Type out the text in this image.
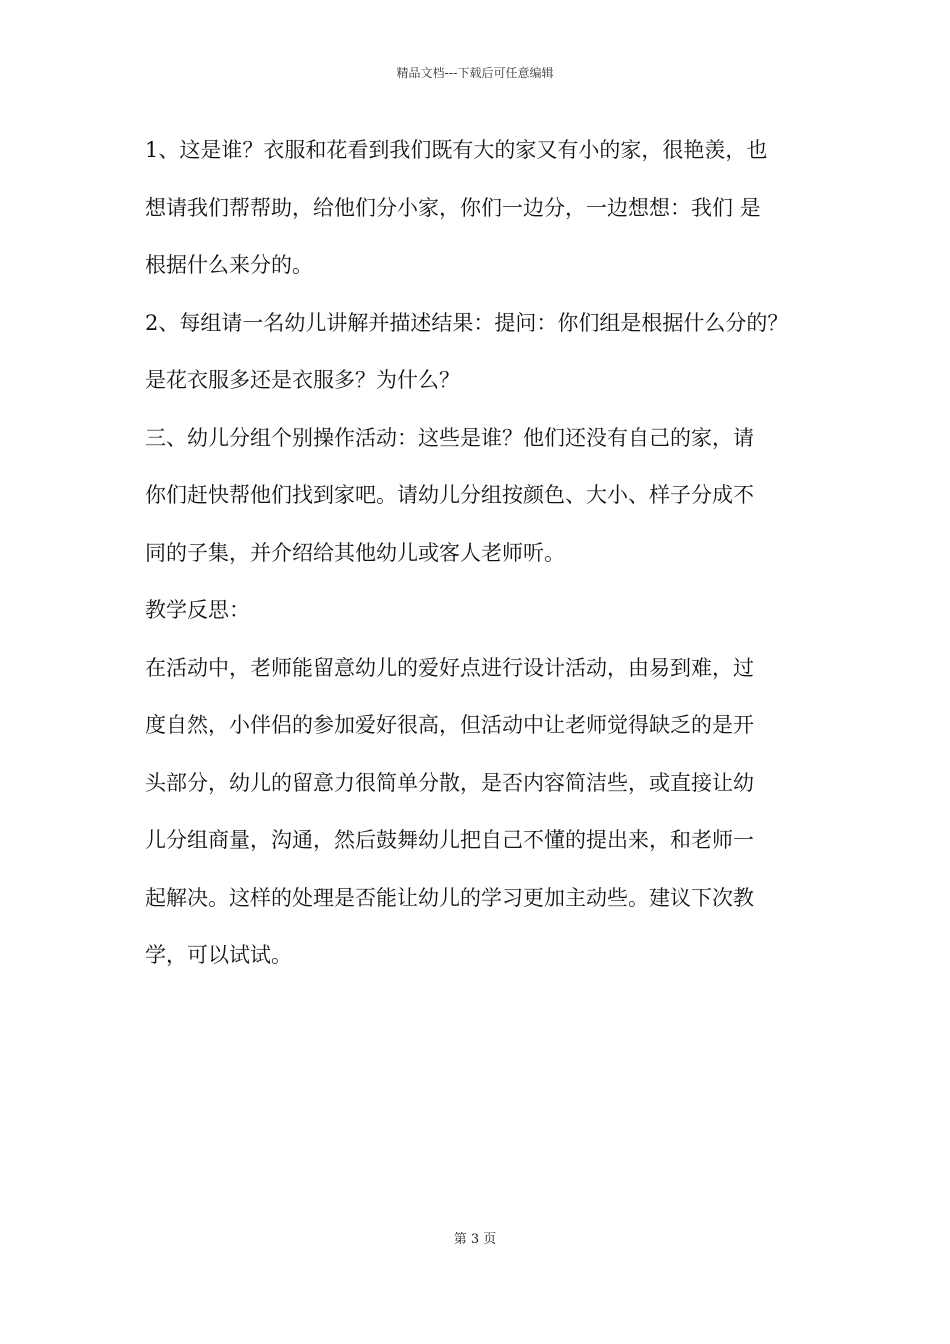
精品文档---下载后可任意编辑
1、这是谁？衣服和花看到我们既有大的家又有小的家，很艳羡，也
想请我们帮帮助，给他们分小家，你们一边分，一边想想：我们 是
根据什么来分的。
2、每组请一名幼儿讲解并描述结果：提问：你们组是根据什么分的？
是花衣服多还是衣服多？为什么？
三、幼儿分组个别操作活动：这些是谁？他们还没有自己的家，请
你们赶快帮他们找到家吧。请幼儿分组按颜色、大小、样子分成不
同的子集，并介绍给其他幼儿或客人老师听。
教学反思：
在活动中，老师能留意幼儿的爱好点进行设计活动，由易到难，过
度自然，小伴侣的参加爱好很高，但活动中让老师觉得缺乏的是开
头部分，幼儿的留意力很简单分散，是否内容简洁些，或直接让幼
儿分组商量，沟通，然后鼓舞幼儿把自己不懂的提出来，和老师一
起解决。这样的处理是否能让幼儿的学习更加主动些。建议下次教
学，可以试试。
第 3 页
